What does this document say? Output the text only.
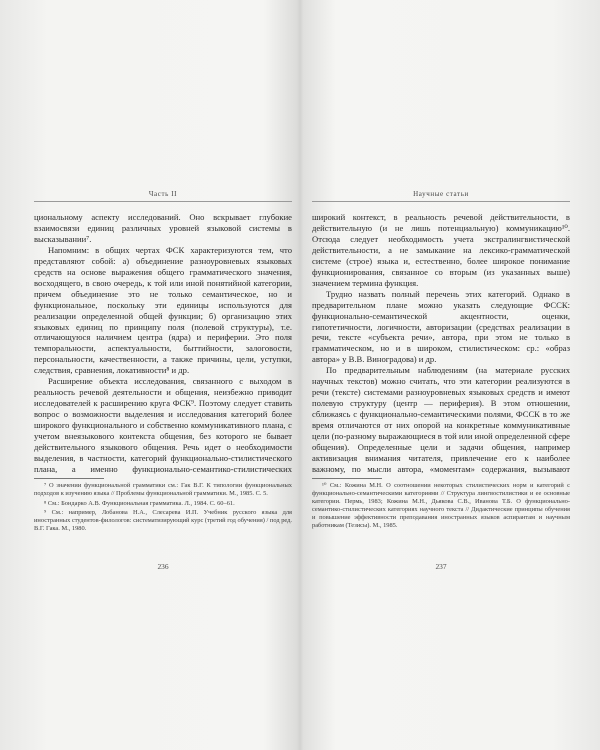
Часть II

циональному аспекту исследований. Оно вскрывает глубокие взаимосвязи единиц различных уровней языковой системы в высказывании⁷.

Напомним: в общих чертах ФСК характеризуются тем, что представляют собой: а) объединение разноуровневых языковых средств на основе выражения общего грамматического значения, восходящего, в свою очередь, к той или иной понятийной категории, причем объединение это не только семантическое, но и функциональное, поскольку эти единицы используются для реализации определенной общей функции; б) организацию этих языковых единиц по принципу поля (полевой структуры), т.е. отличающуюся наличием центра (ядра) и периферии. Это поля темпоральности, аспектуальности, быттийности, залоговости, персональности, качественности, а также причины, цели, уступки, следствия, сравнения, локативности⁸ и др.

Расширение объекта исследования, связанного с выходом в реальность речевой деятельности и общения, неизбежно приводит исследователей к расширению круга ФСК⁹. Поэтому следует ставить вопрос о возможности выделения и исследования категорий более широкого функционального и собственно коммуникативного плана, с учетом внеязыкового контекста общения, без которого не бывает действительного языкового общения. Речь идет о необходимости выделения, в частности, категорий функционально-стилистического плана, а именно функционально-семантико-стилистических

⁷ О значении функциональной грамматики см.: Гак В.Г. К типологии функциональных подходов к изучению языка // Проблемы функциональной грамматики. М., 1985. С. 5.

⁸ См.: Бондарко А.В. Функциональная грамматика. Л., 1984. С. 60–61.

⁹ См.: например, Лобанова Н.А., Слесарева И.П. Учебник русского языка для иностранных студентов-филологов: систематизирующий курс (третий год обучения) / под ред. В.Г. Гака. М., 1980.

236
Научные статьи

широкий контекст, в реальность речевой действительности, в действительную (и не лишь потенциальную) коммуникацию¹⁰. Отсюда следует необходимость учета экстралингвистической действительности, а не замыкание на лексико-грамматической системе (строе) языка и, естественно, более широкое понимание функционирования, связанное со вторым (из указанных выше) значением термина функция.

Трудно назвать полный перечень этих категорий. Однако в предварительном плане можно указать следующие ФССК: функционально-семантической акцентности, оценки, гипотетичности, логичности, авторизации (средствах реализации в речи, тексте «субъекта речи», автора, при этом не только в грамматическом, но и в широком, стилистическом: ср.: «образ автора» у В.В. Виноградова) и др.

По предварительным наблюдениям (на материале русских научных текстов) можно считать, что эти категории реализуются в речи (тексте) системами разноуровневых языковых средств и имеют полевую структуру (центр — периферия). В этом отношении, сближаясь с функционально-семантическими полями, ФССК в то же время отличаются от них опорой на конкретные коммуникативные цели (по-разному выражающиеся в той или иной определенной сфере общения). Определенные цели и задачи общения, например активизация внимания читателя, привлечение его к наиболее важному, по мысли автора, «моментам» содержания, вызывают

¹⁰ См.: Кожина М.Н. О соотношении некоторых стилистических норм и категорий с функционально-семантическими категориями // Структура лингвостилистики и ее основные категории. Пермь, 1983; Кожина М.Н., Дьякова С.В., Иванова Т.Б. О функционально-семантико-стилистических категориях научного текста // Дидактические принципы обучения и повышение эффективности преподавания иностранных языков аспирантам и научным работникам (Тезисы). М., 1985.

237
